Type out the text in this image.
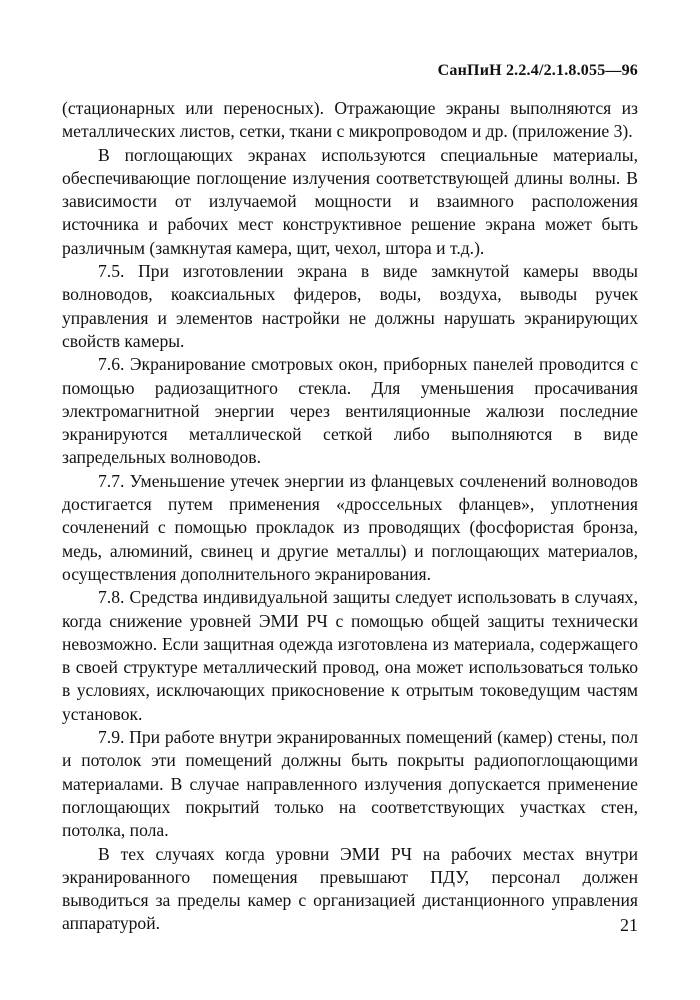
СанПиН 2.2.4/2.1.8.055—96

(стационарных или переносных). Отражающие экраны выполняются из металлических листов, сетки, ткани с микропроводом и др. (приложение 3).

В поглощающих экранах используются специальные материалы, обеспечивающие поглощение излучения соответствующей длины волны. В зависимости от излучаемой мощности и взаимного расположения источника и рабочих мест конструктивное решение экрана может быть различным (замкнутая камера, щит, чехол, штора и т.д.).

7.5. При изготовлении экрана в виде замкнутой камеры вводы волноводов, коаксиальных фидеров, воды, воздуха, выводы ручек управления и элементов настройки не должны нарушать экранирующих свойств камеры.

7.6. Экранирование смотровых окон, приборных панелей проводится с помощью радиозащитного стекла. Для уменьшения просачивания электромагнитной энергии через вентиляционные жалюзи последние экранируются металлической сеткой либо выполняются в виде запредельных волноводов.

7.7. Уменьшение утечек энергии из фланцевых сочленений волноводов достигается путем применения «дроссельных фланцев», уплотнения сочленений с помощью прокладок из проводящих (фосфористая бронза, медь, алюминий, свинец и другие металлы) и поглощающих материалов, осуществления дополнительного экранирования.

7.8. Средства индивидуальной защиты следует использовать в случаях, когда снижение уровней ЭМИ РЧ с помощью общей защиты технически невозможно. Если защитная одежда изготовлена из материала, содержащего в своей структуре металлический провод, она может использоваться только в условиях, исключающих прикосновение к отрытым токоведущим частям установок.

7.9. При работе внутри экранированных помещений (камер) стены, пол и потолок эти помещений должны быть покрыты радиопоглощающими материалами. В случае направленного излучения допускается применение поглощающих покрытий только на соответствующих участках стен, потолка, пола.

В тех случаях когда уровни ЭМИ РЧ на рабочих местах внутри экранированного помещения превышают ПДУ, персонал должен выводиться за пределы камер с организацией дистанционного управления аппаратурой.	21
